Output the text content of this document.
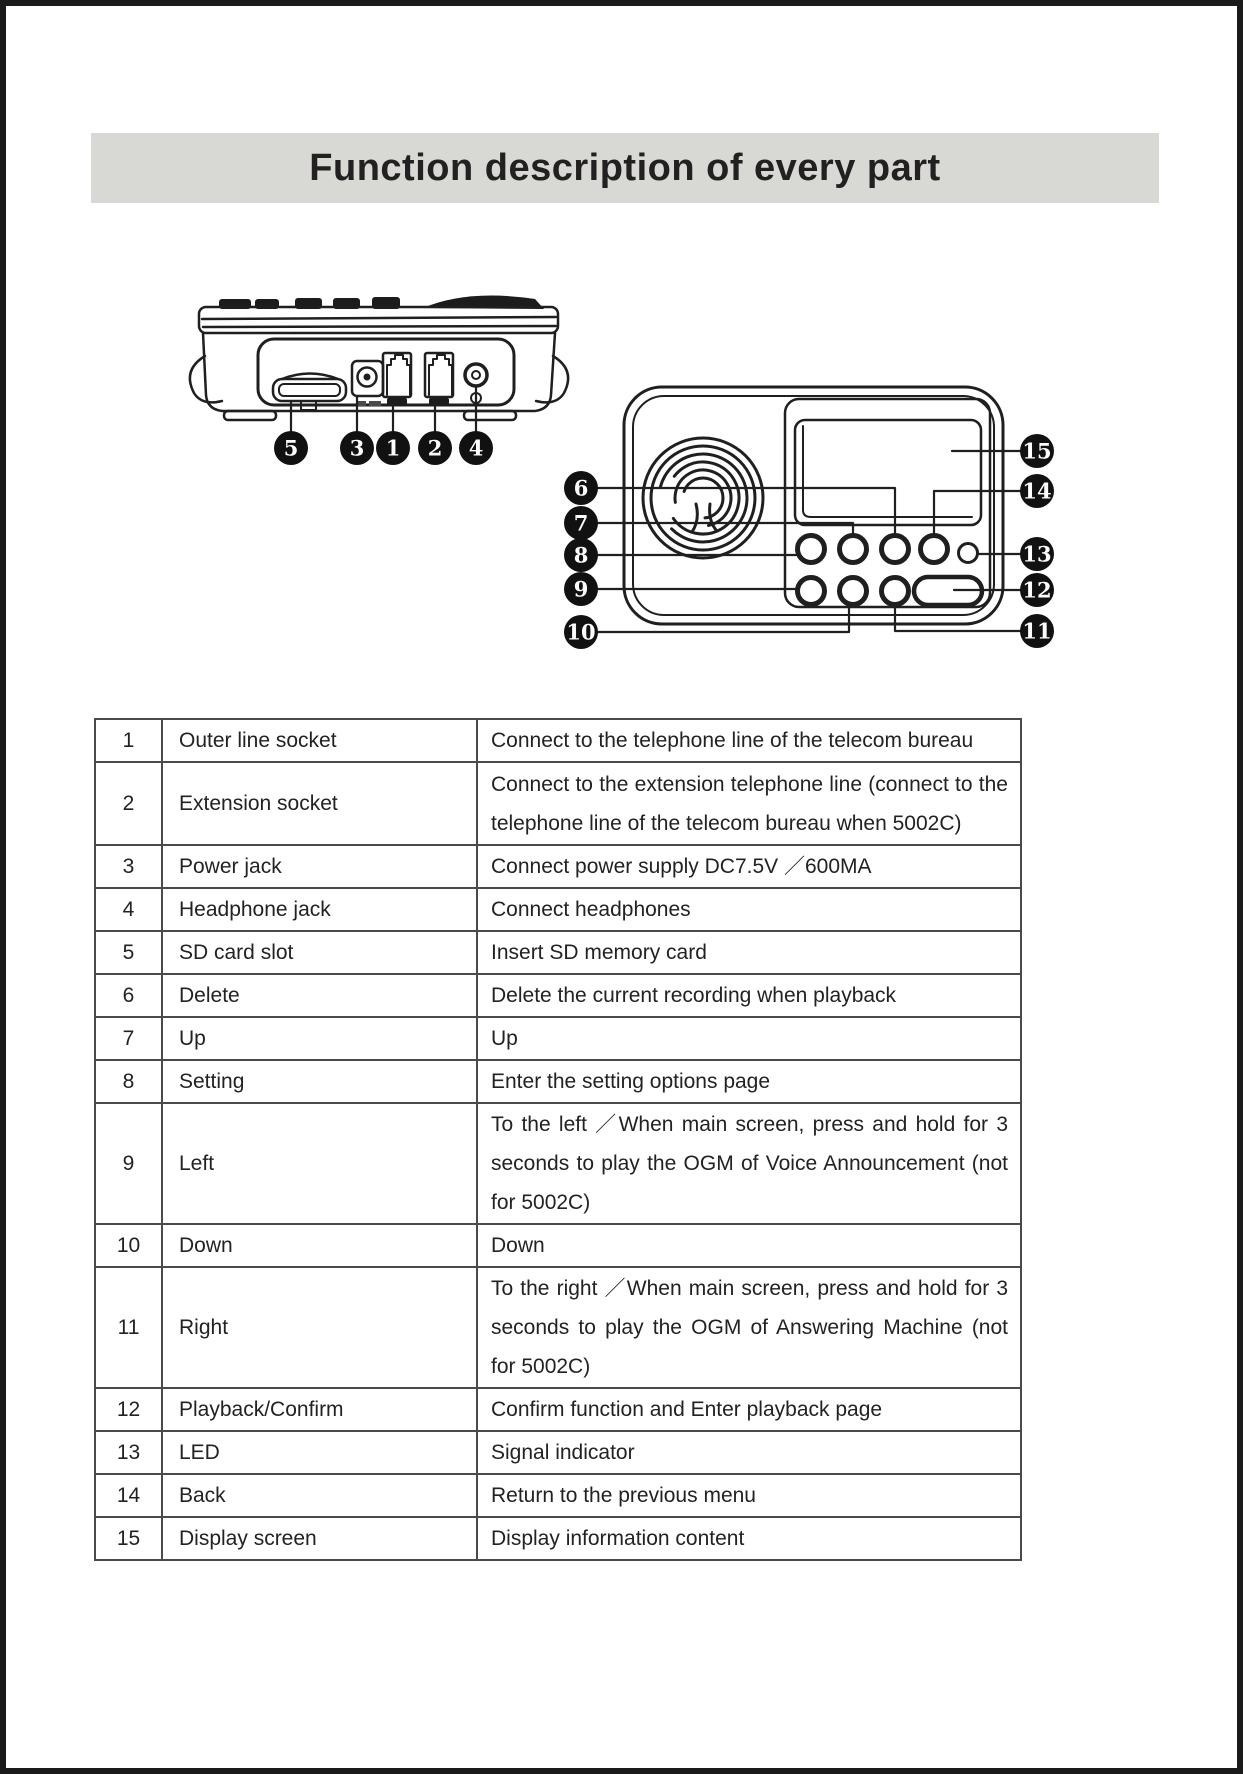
Function description of every part
5 3 1 2 4
6
7
8
9
10
15
14
13
12
11
1	Outer line socket	Connect to the telephone line of the telecom bureau
2	Extension socket	Connect to the extension telephone line (connect to the telephone line of the telecom bureau when 5002C)
3	Power jack	Connect power supply DC7.5V ／600MA
4	Headphone jack	Connect headphones
5	SD card slot	Insert SD memory card
6	Delete	Delete the current recording when playback
7	Up	Up
8	Setting	Enter the setting options page
9	Left	To the left ／When main screen, press and hold for 3 seconds to play the OGM of Voice Announcement (not for 5002C)
10	Down	Down
11	Right	To the right ／When main screen, press and hold for 3 seconds to play the OGM of Answering Machine (not for 5002C)
12	Playback/Confirm	Confirm function and Enter playback page
13	LED	Signal indicator
14	Back	Return to the previous menu
15	Display screen	Display information content
